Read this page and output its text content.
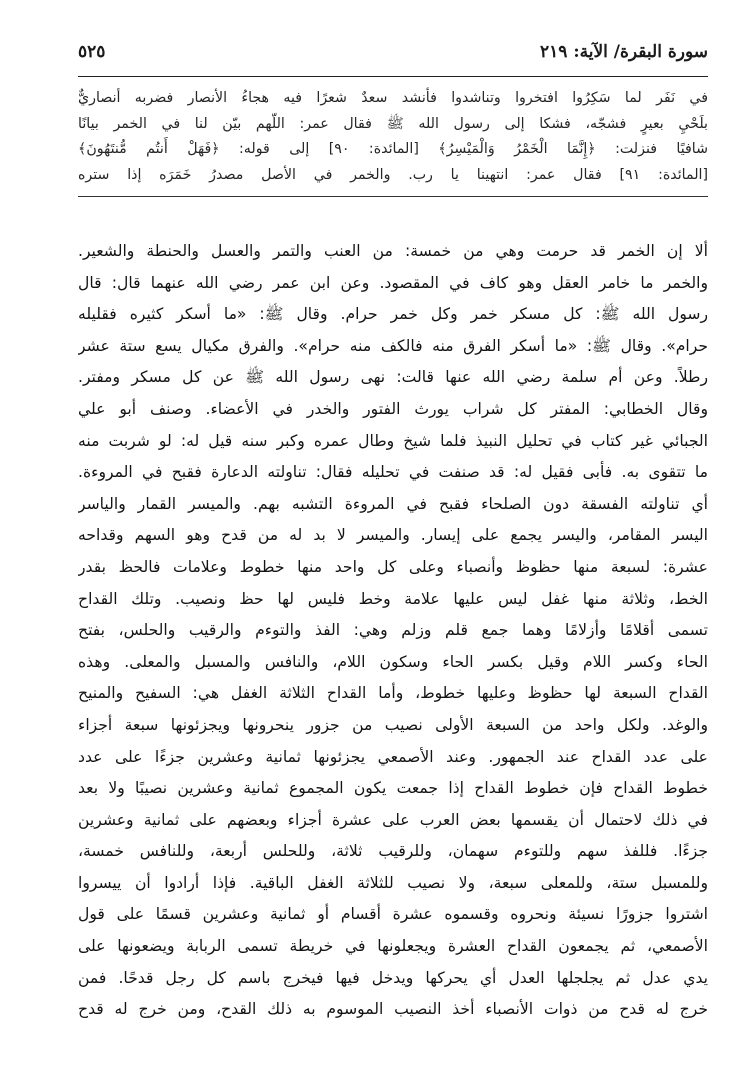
سورة البقرة/ الآية: ٢١٩
٥٢٥
في نَفَر لما سَكِرُوا افتخروا وتناشدوا فأنشد سعدٌ شعرًا فيه هجاءُ الأنصار فضربه أنصاريٌّ
بلَحْيِ بعيرٍ فشجّه، فشكا إلى رسول الله ﷺ فقال عمر: اللّهم بيّن لنا في الخمر بيانًا
شافيًا فنزلت: ﴿إِنَّمَا الْخَمْرُ وَالْمَيْسِرُ﴾ [المائدة: ٩٠] إلى قوله: ﴿فَهَلْ أَنتُم مُّنتَهُونَ﴾
[المائدة: ٩١] فقال عمر: انتهينا يا رب. والخمر في الأصل مصدرُ خَمَرَه إذا ستره
ألا إن الخمر قد حرمت وهي من خمسة: من العنب والتمر والعسل والحنطة والشعير.
والخمر ما خامر العقل وهو كاف في المقصود. وعن ابن عمر رضي الله عنهما قال: قال
رسول الله ﷺ: كل مسكر خمر وكل خمر حرام. وقال ﷺ: «ما أسكر كثيره فقليله
حرام». وقال ﷺ: «ما أسكر الفرق منه فالكف منه حرام». والفرق مكيال يسع ستة عشر
رطلاً. وعن أم سلمة رضي الله عنها قالت: نهى رسول الله ﷺ عن كل مسكر ومفتر.
وقال الخطابي: المفتر كل شراب يورث الفتور والخدر في الأعضاء. وصنف أبو علي
الجبائي غير كتاب في تحليل النبيذ فلما شيخ وطال عمره وكبر سنه قيل له: لو شربت منه
ما تتقوى به. فأبى فقيل له: قد صنفت في تحليله فقال: تناولته الدعارة فقبح في المروءة.
أي تناولته الفسقة دون الصلحاء فقبح في المروءة التشبه بهم. والميسر القمار والياسر
اليسر المقامر، واليسر يجمع على إيسار. والميسر لا بد له من قدح وهو السهم وقداحه
عشرة: لسبعة منها حظوظ وأنصباء وعلى كل واحد منها خطوط وعلامات فالحظ بقدر
الخط، وثلاثة منها غفل ليس عليها علامة وخط فليس لها حظ ونصيب. وتلك القداح
تسمى أقلامًا وأزلامًا وهما جمع قلم وزلم وهي: الفذ والتوءم والرقيب والحلس، بفتح
الحاء وكسر اللام وقيل بكسر الحاء وسكون اللام، والنافس والمسبل والمعلى. وهذه
القداح السبعة لها حظوظ وعليها خطوط، وأما القداح الثلاثة الغفل هي: السفيح والمنيح
والوغد. ولكل واحد من السبعة الأولى نصيب من جزور ينحرونها ويجزئونها سبعة أجزاء
على عدد القداح عند الجمهور. وعند الأصمعي يجزئونها ثمانية وعشرين جزءًا على عدد
خطوط القداح فإن خطوط القداح إذا جمعت يكون المجموع ثمانية وعشرين نصيبًا ولا بعد
في ذلك لاحتمال أن يقسمها بعض العرب على عشرة أجزاء وبعضهم على ثمانية وعشرين
جزءًا. فللفذ سهم وللتوءم سهمان، وللرقيب ثلاثة، وللحلس أربعة، وللنافس خمسة،
وللمسبل ستة، وللمعلى سبعة، ولا نصيب للثلاثة الغفل الباقية. فإذا أرادوا أن ييسروا
اشتروا جزورًا نسيئة ونحروه وقسموه عشرة أقسام أو ثمانية وعشرين قسمًا على قول
الأصمعي، ثم يجمعون القداح العشرة ويجعلونها في خريطة تسمى الربابة ويضعونها على
يدي عدل ثم يجلجلها العدل أي يحركها ويدخل فيها فيخرج باسم كل رجل قدحًا. فمن
خرج له قدح من ذوات الأنصباء أخذ النصيب الموسوم به ذلك القدح، ومن خرج له قدح
